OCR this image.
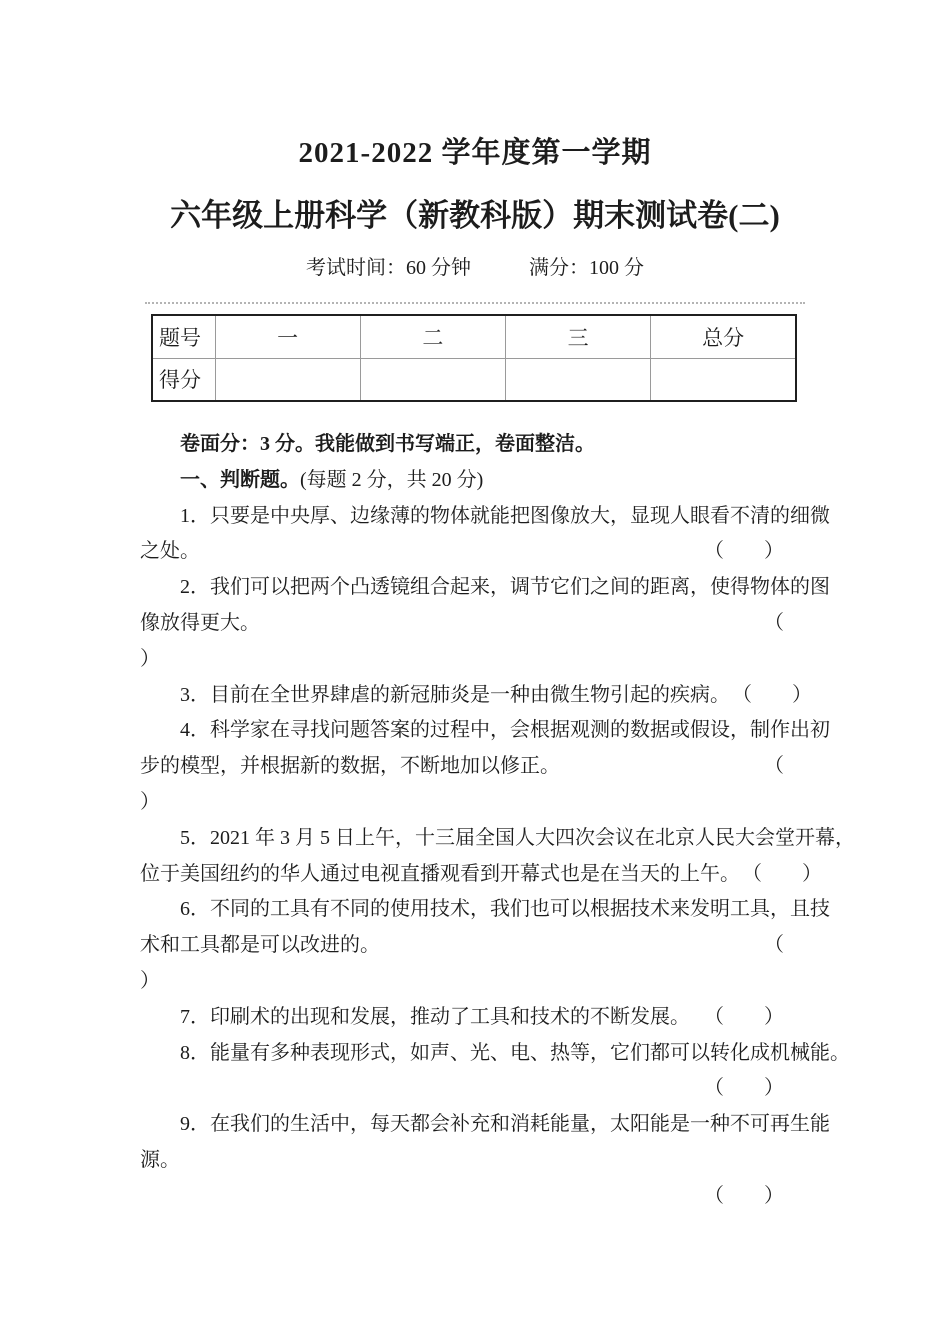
2021-2022 学年度第一学期
六年级上册科学（新教科版）期末测试卷(二)
考试时间：60 分钟	满分：100 分
题号	一	二	三	总分
得分				
卷面分：3 分。我能做到书写端正，卷面整洁。
一、判断题。(每题 2 分，共 20 分)
1．只要是中央厚、边缘薄的物体就能把图像放大，显现人眼看不清的细微
之处。	（　　）
2．我们可以把两个凸透镜组合起来，调节它们之间的距离，使得物体的图
像放得更大。	（
）
3．目前在全世界肆虐的新冠肺炎是一种由微生物引起的疾病。 （　　）
4．科学家在寻找问题答案的过程中，会根据观测的数据或假设，制作出初
步的模型，并根据新的数据，不断地加以修正。	（
）
5．2021 年 3 月 5 日上午，十三届全国人大四次会议在北京人民大会堂开幕，
位于美国纽约的华人通过电视直播观看到开幕式也是在当天的上午。 （　　）
6．不同的工具有不同的使用技术，我们也可以根据技术来发明工具，且技
术和工具都是可以改进的。	（
）
7．印刷术的出现和发展，推动了工具和技术的不断发展。 （　　）
8．能量有多种表现形式，如声、光、电、热等，它们都可以转化成机械能。
（　　）
9．在我们的生活中，每天都会补充和消耗能量，太阳能是一种不可再生能
源。
（　　）
